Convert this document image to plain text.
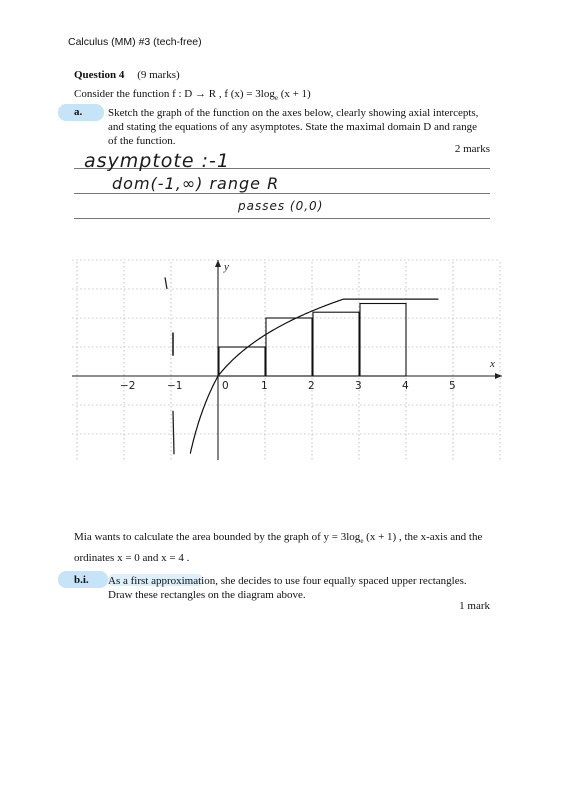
Calculus (MM) #3 (tech-free)
Question 4 (9 marks)
Consider the function f : D → R , f $(x) = 3\log_e$ (x + 1)
a. Sketch the graph of the function on the axes below, clearly showing axial intercepts, and stating the equations of any asymptotes. State the maximal domain D and range of the function.
2 marks
asymptote :-1
dom(-1,∞) range R
passes (0,0)
x
y
−2	−1	0	1	2	3	4	5
Mia wants to calculate the area bounded by the graph of $y = 3\log_e$ (x + 1) , the x-axis and the ordinates x = 0 and x = 4 .
b.i. As a first approximation, she decides to use four equally spaced upper rectangles. Draw these rectangles on the diagram above.
1 mark
